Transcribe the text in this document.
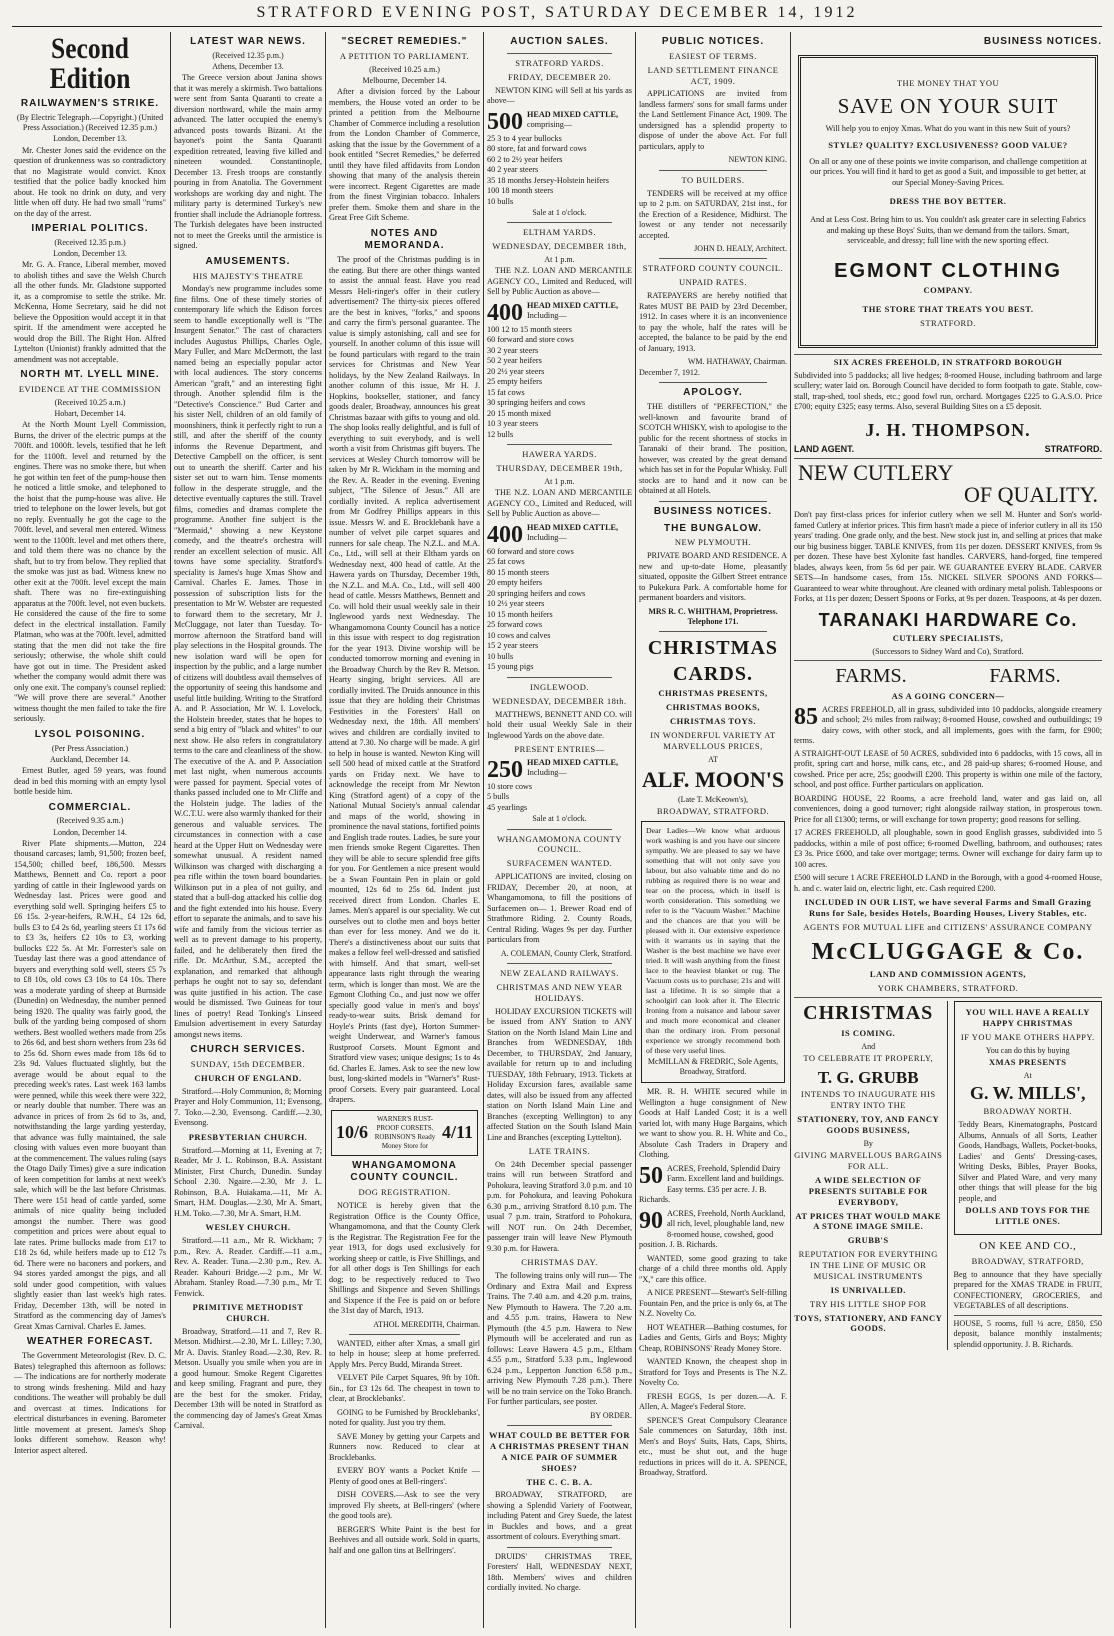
STRATFORD EVENING POST, SATURDAY DECEMBER 14, 1912
Second Edition
RAILWAYMEN'S STRIKE.
(By Electric Telegraph.—Copyright.) (United Press Association.) (Received 12.35 p.m.)
London, December 13.

Mr. Chester Jones said the evidence on the question of drunkenness was so contradictory that no Magistrate would convict. Knox testified that the police badly knocked him about. He took no drink on duty, and very little when off duty. He had two small "rums" on the day of the arrest.

IMPERIAL POLITICS.
(Received 12.35 p.m.)
London, December 13.

Mr. G. A. France, Liberal member, moved to abolish tithes and save the Welsh Church all the other funds. Mr. Gladstone supported it, as a compromise to settle the strike. Mr. McKenna, Home Secretary, said he did not believe the Opposition would accept it in that spirit. If the amendment were accepted he would drop the Bill. The Right Hon. Alfred Lyttelton (Unionist) frankly admitted that the amendment was not acceptable.

NORTH MT. LYELL MINE.
EVIDENCE AT THE COMMISSION
(Received 10.25 a.m.)
Hobart, December 14.

At the North Mount Lyell Commission, Burns, the driver of the electric pumps at the 700ft. and 1000ft. levels, testified that he left for the 1100ft. level and returned by the engines. There was no smoke there, but when he got within ten feet of the pump-house then he noticed a little smoke, and telephoned to the hoist that the pump-house was alive. He tried to telephone on the lower levels, but got no reply. Eventually he got the cage to the 700ft. level, and several men entered. Witness went to the 1100ft. level and met others there, and told them there was no chance by the shaft, but to try from below. They replied that the smoke was just as bad. Witness knew no other exit at the 700ft. level except the main shaft. There was no fire-extinguishing apparatus at the 700ft. level, not even buckets. He considered the cause of the fire to some defect in the electrical installation. Family Platman, who was at the 700ft. level, admitted stating that the men did not take the fire seriously; otherwise, the whole shift could have got out in time. The President asked whether the company would admit there was only one exit. The company's counsel replied: "We will prove there are several." Another witness thought the men failed to take the fire seriously.

LYSOL POISONING.
(Per Press Association.)
Auckland, December 14.

Ernest Butler, aged 59 years, was found dead in bed this morning with an empty lysol bottle beside him.

COMMERCIAL.
(Received 9.35 a.m.)
London, December 14.

River Plate shipments.—Mutton, 224 thousand carcases; lamb, 91,500; frozen beef, 154,500; chilled beef, 186,500. Messrs Matthews, Bennett and Co. report a poor yarding of cattle in their Inglewood yards on Wednesday last. Prices were good and everything sold well. Springing heifers £5 to £6 15s. 2-year-heifers, R.W.H., £4 12s 6d, bulls £3 to £4 2s 6d, yearling steers £1 17s 6d to £3 3s, heifers £2 10s to £3, working bullocks £22 5s. At Mr. Forrester's sale on Tuesday last there was a good attendance of buyers and everything sold well, steers £5 7s to £8 10s, old cows £3 10s to £4 10s. There was a moderate yarding of sheep at Burnside (Dunedin) on Wednesday, the number penned being 1920. The quality was fairly good, the bulk of the yarding being composed of shorn wethers. Best woolled wethers made from 25s to 26s 6d, and best shorn wethers from 23s 6d to 25s 6d. Shorn ewes made from 18s 6d to 23s 9d. Values fluctuated slightly, but the average would be about equal to the preceding week's rates. Last week 163 lambs were penned, while this week there were 322, or nearly double that number. There was an advance in prices of from 2s 6d to 3s, and, notwithstanding the large yarding yesterday, that advance was fully maintained, the sale closing with values even more buoyant than at the commencement. The values ruling (says the Otago Daily Times) give a sure indication of keen competition for lambs at next week's sale, which will be the last before Christmas. There were 151 head of cattle yarded, some animals of nice quality being included amongst the number. There was good competition and prices were about equal to late rates. Prime bullocks made from £17 to £18 2s 6d, while heifers made up to £12 7s 6d. There were no baconers and porkers, and 94 stores yarded amongst the pigs, and all sold under good competition, with values slightly easier than last week's high rates. Friday, December 13th, will be noted in Stratford as the commencing day of James's Great Xmas Carnival. Charles E. James.

WEATHER FORECAST.

The Government Meteorologist (Rev. D. C. Bates) telegraphed this afternoon as follows:— The indications are for northerly moderate to strong winds freshening. Mild and hazy conditions. The weather will probably be dull and overcast at times. Indications for electrical disturbances in evening. Barometer little movement at present. James's Shop looks different somehow. Reason why! Interior aspect altered.

LATEST WAR NEWS.
(Received 12.35 p.m.)
Athens, December 13.

The Greece version about Janina shows that it was merely a skirmish. Two battalions were sent from Santa Quaranti to create a diversion northward, while the main army advanced. The latter occupied the enemy's advanced posts towards Bizani. At the bayonet's point the Santa Quaranti expedition retreated, leaving five killed and nineteen wounded. Constantinople, December 13. Fresh troops are constantly pouring in from Anatolia. The Government workshops are working day and night. The military party is determined Turkey's new frontier shall include the Adrianople fortress. The Turkish delegates have been instructed not to meet the Greeks until the armistice is signed.

AMUSEMENTS.
HIS MAJESTY'S THEATRE

Monday's new programme includes some fine films. One of these timely stories of contemporary life which the Edison forces seem to handle exceptionally well is "The Insurgent Senator." The cast of characters includes Augustus Phillips, Charles Ogle, Mary Fuller, and Marc McDermott, the last named being an especially popular actor with local audiences. The story concerns American "graft," and an interesting fight through. Another splendid film is the "Detective's Conscience." Bud Carter and his sister Nell, children of an old family of moonshiners, think it perfectly right to run a still, and after the sheriff of the county informs the Revenue Department, and Detective Campbell on the officer, is sent out to unearth the sheriff. Carter and his sister set out to warn him. Tense moments follow in the desperate struggle, and the detective eventually captures the still. Travel films, comedies and dramas complete the programme. Another fine subject is the "Mermaid," showing a new Keystone comedy, and the theatre's orchestra will render an excellent selection of music. All towns have some speciality. Stratford's speciality is James's huge Xmas Show and Carnival. Charles E. James. Those in possession of subscription lists for the presentation to Mr W. Webster are requested to forward them to the secretary, Mr J. McCluggage, not later than Tuesday. To-morrow afternoon the Stratford band will play selections in the Hospital grounds. The new isolation ward will be open for inspection by the public, and a large number of citizens will doubtless avail themselves of the opportunity of seeing this handsome and useful little building. Writing to the Stratford A. and P. Association, Mr W. I. Lovelock, the Holstein breeder, states that he hopes to send a big entry of "black and whites" to our next show. He also refers in congratulatory terms to the care and cleanliness of the show. The executive of the A. and P. Association met last night, when numerous accounts were passed for payment. Special votes of thanks passed included one to Mr Cliffe and the Holstein judge. The ladies of the W.C.T.U. were also warmly thanked for their generous and valuable services. The circumstances in connection with a case heard at the Upper Hutt on Wednesday were somewhat unusual. A resident named Wilkinson was charged with discharging a pea rifle within the town board boundaries. Wilkinson put in a plea of not guilty, and stated that a bull-dog attacked his collie dog and the fight extended into his house. Every effort to separate the animals, and to save his wife and family from the vicious terrier as well as to prevent damage to his property, failed, and he deliberately then fired the rifle. Dr. McArthur, S.M., accepted the explanation, and remarked that although perhaps he ought not to say so, defendant was quite justified in his action. The case would be dismissed. Two Guineas for tour lines of poetry! Read Tonking's Linseed Emulsion advertisement in every Saturday amongst news items.

CHURCH SERVICES.
SUNDAY, 15th DECEMBER.
CHURCH OF ENGLAND.

Stratford.—Holy Communion, 8; Morning Prayer and Holy Communion, 11; Evensong, 7. Toko.—2.30, Evensong. Cardiff.—2.30, Evensong.

PRESBYTERIAN CHURCH.

Stratford.—Morning at 11, Evening at 7; Reader, Mr J. L. Robinson, B.A. Assistant Minister, First Church, Dunedin. Sunday School 2.30. Ngaire.—2.30, Mr J. L. Robinson, B.A. Huiakama.—11, Mr A. Smart, H.M. Douglas.—2.30, Mr A. Smart, H.M. Toko.—7.30, Mr A. Smart, H.M.

WESLEY CHURCH.

Stratford.—11 a.m., Mr R. Wickham; 7 p.m., Rev. A. Reader. Cardiff.—11 a.m., Rev. A. Reader. Tuna.—2.30 p.m., Rev. A. Reader. Kahouri Bridge.—2 p.m., Mr W. Abraham. Stanley Road.—7.30 p.m., Mr T. Fenwick.

PRIMITIVE METHODIST CHURCH.

Broadway, Stratford.—11 and 7, Rev R. Metson. Midhirst.—2.30, Mr L. Lilley; 7.30, Mr A. Davis. Stanley Road.—2.30, Rev. R. Metson. Usually you smile when you are in a good humour. Smoke Regent Cigarettes and keep smiling. Fragrant and pure, they are the best for the smoker. Friday, December 13th will be noted in Stratford as the commencing day of James's Great Xmas Carnival.

"SECRET REMEDIES."
A PETITION TO PARLIAMENT.
(Received 10.25 a.m.)
Melbourne, December 14.

After a division forced by the Labour members, the House voted an order to be printed a petition from the Melbourne Chamber of Commerce including a resolution from the London Chamber of Commerce, asking that the issue by the Government of a book entitled "Secret Remedies," be deferred until they have filed affidavits from London showing that many of the analysis therein were incorrect. Regent Cigarettes are made from the finest Virginian tobacco. Inhalers prefer them. Smoke them and share in the Great Free Gift Scheme.

NOTES AND MEMORANDA.

The proof of the Christmas pudding is in the eating. But there are other things wanted to assist the annual feast. Have you read Messrs Heli-ringer's offer in their cutlery advertisement? The thirty-six pieces offered are the best in knives, "forks," and spoons and carry the firm's personal guarantee. The value is simply astonishing, call and see for yourself. In another column of this issue will be found particulars with regard to the train services for Christmas and New Year holidays, by the New Zealand Railways. In another column of this issue, Mr H. J. Hopkins, bookseller, stationer, and fancy goods dealer, Broadway, announces his great Christmas bazaar with gifts to young and old. The shop looks really delightful, and is full of everything to suit everybody, and is well worth a visit from Christmas gift buyers. The services at Wesley Church tomorrow will be taken by Mr R. Wickham in the morning and the Rev. A. Reader in the evening. Evening subject, "The Silence of Jesus." All are cordially invited. A replica advertisement from Mr Godfrey Phillips appears in this issue. Messrs W. and E. Brocklebank have a number of velvet pile carpet squares and runners for sale cheap. The N.Z.L. and M.A. Co., Ltd., will sell at their Eltham yards on Wednesday next, 400 head of cattle. At the Hawera yards on Thursday, December 19th, the N.Z.L. and M.A. Co., Ltd., will sell 400 head of cattle. Messrs Matthews, Bennett and Co. will hold their usual weekly sale in their Inglewood yards next Wednesday. The Whangamomona County Council has a notice in this issue with respect to dog registration for the year 1913. Divine worship will be conducted tomorrow morning and evening in the Broadway Church by the Rev R. Metson. Hearty singing, bright services. All are cordially invited. The Druids announce in this issue that they are holding their Christmas Festivities in the Foresters' Hall on Wednesday next, the 18th. All members' wives and children are cordially invited to attend at 7.30. No charge will be made. A girl to help in house is wanted. Newton King will sell 500 head of mixed cattle at the Stratford yards on Friday next. We have to acknowledge the receipt from Mr Newton King (Stratford agent) of a copy of the National Mutual Society's annual calendar and maps of the world, showing in prominence the naval stations, fortified points and English trade routes. Ladies, be sure your men friends smoke Regent Cigarettes. Then they will be able to secure splendid free gifts for you. For Gentlemen a nice present would be a Swan Fountain Pen in plain or gold mounted, 12s 6d to 25s 6d. Indent just received direct from London. Charles E. James. Men's apparel is our speciality. We cut ourselves out to clothe men and boys better than ever for less money. And we do it. There's a distinctiveness about our suits that makes a fellow feel well-dressed and satisfied with himself. And that smart, well-set appearance lasts right through the wearing term, which is longer than most. We are the Egmont Clothing Co., and just now we offer specially good value in men's and boys' ready-to-wear suits. Brisk demand for Hoyle's Prints (fast dye), Horton Summer-weight Underwear, and Warner's famous Rustproof Corsets. Mount Egmont and Stratford view vases; unique designs; 1s to 4s 6d. Charles E. James. Ask to see the new low bust, long-skirted models in "Warner's" Rust-proof Corsets. Every pair guaranteed. Local drapers.

10/6
WARNER'S RUST-PROOF CORSETS. ROBINSON'S Ready Money Store for
4/11
WHANGAMOMONA COUNTY COUNCIL.
DOG REGISTRATION.

NOTICE is hereby given that the Registration Office is the County Office, Whangamomona, and that the County Clerk is the Registrar. The Registration Fee for the year 1913, for dogs used exclusively for working sheep or cattle, is Five Shillings, and for all other dogs is Ten Shillings for each dog; to be respectively reduced to Two Shillings and Sixpence and Seven Shillings and Sixpence if the Fee is paid on or before the 31st day of March, 1913.

ATHOL MEREDITH, Chairman.

WANTED, either after Xmas, a small girl to help in house; sleep at home preferred. Apply Mrs. Percy Budd, Miranda Street.

VELVET Pile Carpet Squares, 9ft by 10ft. 6in., for £3 12s 6d. The cheapest in town to clear, at Brocklebanks'.

GOING to be Furnished by Brocklebanks', noted for quality. Just you try them.

SAVE Money by getting your Carpets and Runners now. Reduced to clear at Brocklebanks.

EVERY BOY wants a Pocket Knife — Plenty of good ones at Bell-ringers'.

DISH COVERS.—Ask to see the very improved Fly sheets, at Bell-ringers' (where the good tools are).

BERGER'S White Paint is the best for Beehives and all outside work. Sold in quarts, half and one gallon tins at Bellringers'.

AUCTION SALES.
STRATFORD YARDS.
FRIDAY, DECEMBER 20.

NEWTON KING will Sell at his yards as above—

500 HEAD MIXED CATTLE,
comprising—
25 3 to 4 year bullocks
80 store, fat and forward cows
60 2 to 2½ year heifers
40 2 year steers
35 18 months Jersey-Holstein heifers
100 18 month steers
10 bulls
Sale at 1 o'clock.
ELTHAM YARDS.
WEDNESDAY, DECEMBER 18th,
At 1 p.m.

THE N.Z. LOAN AND MERCANTILE AGENCY CO., Limited and Reduced, will Sell by Public Auction as above—

400 HEAD MIXED CATTLE,
Including—
100 12 to 15 month steers
60 forward and store cows
30 2 year steers
50 2 year heifers
20 2½ year steers
25 empty heifers
15 fat cows
30 springing heifers and cows
20 15 month mixed
10 3 year steers
12 bulls
HAWERA YARDS.
THURSDAY, DECEMBER 19th,
At 1 p.m.

THE N.Z. LOAN AND MERCANTILE AGENCY CO., Limited and Reduced, will Sell by Public Auction as above—

400 HEAD MIXED CATTLE,
Including—
60 forward and store cows
25 fat cows
80 15 month steers
20 empty heifers
20 springing heifers and cows
10 2½ year steers
10 15 month heifers
25 forward cows
10 cows and calves
15 2 year steers
10 bulls
15 young pigs
INGLEWOOD.
WEDNESDAY, DECEMBER 18th.

MATTHEWS, BENNETT AND CO. will hold their usual Weekly Sale in their Inglewood Yards on the above date.

PRESENT ENTRIES—
250 HEAD MIXED CATTLE,
Including—
10 store cows
5 bulls
45 yearlings
Sale at 1 o'clock.
WHANGAMOMONA COUNTY COUNCIL.
SURFACEMEN WANTED.

APPLICATIONS are invited, closing on FRIDAY, December 20, at noon, at Whangamomona, to fill the positions of Surfacemen on— 1. Brewer Road end of Strathmore Riding. 2. County Roads, Central Riding. Wages 9s per day. Further particulars from

A. COLEMAN, County Clerk, Stratford.
NEW ZEALAND RAILWAYS.
CHRISTMAS AND NEW YEAR HOLIDAYS.

HOLIDAY EXCURSION TICKETS will be issued from ANY Station to ANY Station on the North Island Main Line and Branches from WEDNESDAY, 18th December, to THURSDAY, 2nd January, available for return up to and including TUESDAY, 18th February, 1913. Tickets at Holiday Excursion fares, available same dates, will also be issued from any affected station on North Island Main Line and Branches (excepting Wellington) to any affected Station on the South Island Main Line and Branches (excepting Lyttelton).

LATE TRAINS.

On 24th December special passenger trains will run between Stratford and Pohokura, leaving Stratford 3.0 p.m. and 10 p.m. for Pohokura, and leaving Pohokura 6.30 p.m., arriving Stratford 8.10 p.m. The usual 7 p.m. train, Stratford to Pohokura, will NOT run. On 24th December, passenger train will leave New Plymouth 9.30 p.m. for Hawera.

CHRISTMAS DAY.

The following trains only will run— The Ordinary and Extra Mail and Express Trains. The 7.40 a.m. and 4.20 p.m. trains, New Plymouth to Hawera. The 7.20 a.m. and 4.55 p.m. trains, Hawera to New Plymouth (the 4.5 p.m. Hawera to New Plymouth will be accelerated and run as follows: Leave Hawera 4.5 p.m., Eltham 4.55 p.m., Stratford 5.33 p.m., Inglewood 6.24 p.m., Lepperton Junction 6.58 p.m., arriving New Plymouth 7.28 p.m.). There will be no train service on the Toko Branch. For further particulars, see poster.

BY ORDER.
WHAT COULD BE BETTER FOR A CHRISTMAS PRESENT THAN A NICE PAIR OF SUMMER SHOES?
THE C. C. B. A.

BROADWAY, STRATFORD, are showing a Splendid Variety of Footwear, including Patent and Grey Suede, the latest in Buckles and bows, and a great assortment of colours. Everything smart.

DRUIDS' CHRISTMAS TREE, Foresters' Hall, WEDNESDAY NEXT, 18th. Members' wives and children cordially invited. No charge.

PUBLIC NOTICES.
EASIEST OF TERMS.
LAND SETTLEMENT FINANCE ACT, 1909.

APPLICATIONS are invited from landless farmers' sons for small farms under the Land Settlement Finance Act, 1909. The undersigned has a splendid property to dispose of under the above Act. For full particulars, apply to

NEWTON KING.
TO BUILDERS.

TENDERS will be received at my office up to 2 p.m. on SATURDAY, 21st inst., for the Erection of a Residence, Midhirst. The lowest or any tender not necessarily accepted.

JOHN D. HEALY, Architect.
STRATFORD COUNTY COUNCIL.
UNPAID RATES.

RATEPAYERS are hereby notified that Rates MUST BE PAID by 23rd December, 1912. In cases where it is an inconvenience to pay the whole, half the rates will be accepted, the balance to be paid by the end of January, 1913.

WM. HATHAWAY, Chairman.
December 7, 1912.
APOLOGY.

THE distillers of "PERFECTION," the well-known and favourite brand of SCOTCH WHISKY, wish to apologise to the public for the recent shortness of stocks in Taranaki of their brand. The position, however, was created by the great demand which has set in for the Popular Whisky. Full stocks are to hand and it now can be obtained at all Hotels.

BUSINESS NOTICES.
THE BUNGALOW.
NEW PLYMOUTH.

PRIVATE BOARD AND RESIDENCE. A new and up-to-date Home, pleasantly situated, opposite the Gilbert Street entrance to Pukekura Park. A comfortable home for permanent boarders and visitors.

MRS R. C. WHITHAM, Proprietress. Telephone 171.
CHRISTMAS CARDS.
CHRISTMAS PRESENTS,
CHRISTMAS BOOKS,
CHRISTMAS TOYS.
IN WONDERFUL VARIETY AT MARVELLOUS PRICES,
AT
ALF. MOON'S
(Late T. McKeown's),
BROADWAY, STRATFORD.
Dear Ladies—We know what arduous work washing is and you have our sincere sympathy. We are pleased to say we have something that will not only save you labour, but also valuable time and do no rubbing as required there is no wear and tear on the process, which in itself is worth consideration. This something we refer to is the "Vacuum Washer." Machine and the chances are that you will be pleased with it. Our extensive experience with it warrants us in saying that the Washer is the best machine we have ever tried. It will wash anything from the finest lace to the heaviest blanket or rug. The Vacuum costs us to purchase; 21s and will last a lifetime. It is so simple that a schoolgirl can look after it. The Electric Ironing from a nuisance and labour saver and much more economical and cleaner than the ordinary iron. From personal experience we strongly recommend both of these very useful lines.
McMILLAN & FREDRIC, Sole Agents, Broadway, Stratford.

MR. R. H. WHITE secured while in Wellington a huge consignment of New Goods at Half Landed Cost; it is a well varied lot, with many Huge Bargains, which we want to show you. R. H. White and Co., Absolute Cash Traders in Drapery and Clothing.

50 ACRES, Freehold, Splendid Dairy Farm. Excellent land and buildings. Easy terms. £35 per acre. J. B. Richards.
90 ACRES, Freehold, North Auckland, all rich, level, ploughable land, new 8-roomed house, cowshed, good position. J. B. Richards.

WANTED, some good grazing to take charge of a child three months old. Apply "X," care this office.

A NICE PRESENT—Stewart's Self-filling Fountain Pen, and the price is only 6s, at The N.Z. Novelty Co.

HOT WEATHER—Bathing costumes, for Ladies and Gents, Girls and Boys; Mighty Cheap, ROBINSONS' Ready Money Store.

WANTED Known, the cheapest shop in Stratford for Toys and Presents is The N.Z. Novelty Co.

FRESH EGGS, 1s per dozen.—A. F. Allen, A. Magee's Federal Store.

SPENCE'S Great Compulsory Clearance Sale commences on Saturday, 18th inst. Men's and Boys' Suits, Hats, Caps, Shirts, etc., must be shut out, and the huge reductions in prices will do it. A. SPENCE, Broadway, Stratford.

BUSINESS NOTICES.
THE MONEY THAT YOU
SAVE ON YOUR SUIT
Will help you to enjoy Xmas. What do you want in this new Suit of yours?
STYLE? QUALITY? EXCLUSIVENESS? GOOD VALUE?
On all or any one of these points we invite comparison, and challenge competition at our prices. You will find it hard to get as good a Suit, and impossible to get better, at our Special Money-Saving Prices.
DRESS THE BOY BETTER.
And at Less Cost. Bring him to us. You couldn't ask greater care in selecting Fabrics and making up these Boys' Suits, than we demand from the tailors. Smart, serviceable, and dressy; full line with the new sporting effect.
EGMONT CLOTHING
COMPANY.
THE STORE THAT TREATS YOU BEST.
STRATFORD.
SIX ACRES FREEHOLD, IN STRATFORD BOROUGH
Subdivided into 5 paddocks; all live hedges; 8-roomed House, including bathroom and large scullery; water laid on. Borough Council have decided to form footpath to gate. Stable, cow-stall, trap-shed, tool sheds, etc.; good fowl run, orchard. Mortgages £225 to G.A.S.O. Price £700; equity £325; easy terms. Also, several Building Sites on a £5 deposit.
J. H. THOMPSON.
LAND AGENT.	STRATFORD.
NEW CUTLERY
OF QUALITY.
Don't pay first-class prices for inferior cutlery when we sell M. Hunter and Son's world-famed Cutlery at inferior prices. This firm hasn't made a piece of inferior cutlery in all its 150 years' trading. One grade only, and the best. New stock just in, and selling at prices that make our big business bigger. TABLE KNIVES, from 11s per dozen. DESSERT KNIVES, from 9s per dozen. These have best Xylonite fast handles. CARVERS, hand-forged, fine tempered blades, always keen, from 5s 6d per pair. WE GUARANTEE EVERY BLADE. CARVER SETS—In handsome cases, from 15s. NICKEL SILVER SPOONS AND FORKS—Guaranteed to wear white throughout. Are cleaned with ordinary metal polish. Tablespoons or Forks, at 11s per dozen; Dessert Spoons or Forks, at 9s per dozen. Teaspoons, at 4s per dozen.
TARANAKI HARDWARE Co.
CUTLERY SPECIALISTS,
(Successors to Sidney Ward and Co), Stratford.
FARMS.	FARMS.
AS A GOING CONCERN—
85 ACRES FREEHOLD, all in grass, subdivided into 10 paddocks, alongside creamery and school; 2½ miles from railway; 8-roomed House, cowshed and outbuildings; 19 dairy cows, with other stock, and all implements, goes with the farm, for £900; terms.

A STRAIGHT-OUT LEASE of 50 ACRES, subdivided into 6 paddocks, with 15 cows, all in profit, spring cart and horse, milk cans, etc., and 28 paid-up shares; 6-roomed House, and cowshed. Price per acre, 25s; goodwill £200. This property is within one mile of the factory, school, and post office. Further particulars on application.

BOARDING HOUSE, 22 Rooms, a acre freehold land, water and gas laid on, all conveniences, doing a good turnover; right alongside railway station, in prosperous town. Price for all £1300; terms, or will exchange for town property; good reasons for selling.

17 ACRES FREEHOLD, all ploughable, sown in good English grasses, subdivided into 5 paddocks, within a mile of post office; 6-roomed Dwelling, bathroom, and outhouses; rates £3 3s. Price £600, and take over mortgage; terms. Owner will exchange for dairy farm up to 100 acres.

£500 will secure 1 ACRE FREEHOLD LAND in the Borough, with a good 4-roomed House, h. and c. water laid on, electric light, etc. Cash required £200.

INCLUDED IN OUR LIST, we have several Farms and Small Grazing Runs for Sale, besides Hotels, Boarding Houses, Livery Stables, etc.
AGENTS FOR MUTUAL LIFE and CITIZENS' ASSURANCE COMPANY
McCLUGGAGE & Co.
LAND AND COMMISSION AGENTS,
YORK CHAMBERS, STRATFORD.
CHRISTMAS
IS COMING.
And
TO CELEBRATE IT PROPERLY,
T. G. GRUBB
INTENDS TO INAUGURATE HIS ENTRY INTO THE
STATIONERY, TOY, AND FANCY GOODS BUSINESS,
By
GIVING MARVELLOUS BARGAINS FOR ALL.
A WIDE SELECTION OF PRESENTS SUITABLE FOR EVERYBODY,
AT PRICES THAT WOULD MAKE A STONE IMAGE SMILE.
GRUBB'S
REPUTATION FOR EVERYTHING IN THE LINE OF MUSIC OR MUSICAL INSTRUMENTS
IS UNRIVALLED.
TRY HIS LITTLE SHOP FOR
TOYS, STATIONERY, AND FANCY GOODS.
YOU WILL HAVE A REALLY HAPPY CHRISTMAS
IF YOU MAKE OTHERS HAPPY.
You can do this by buying
XMAS PRESENTS
At
G. W. MILLS',
BROADWAY NORTH.
Teddy Bears, Kinematographs, Postcard Albums, Annuals of all Sorts, Leather Goods, Handbags, Wallets, Pocket-books, Ladies' and Gents' Dressing-cases, Writing Desks, Bibles, Prayer Books, Silver and Plated Ware, and very many other things that will please for the big people, and
DOLLS AND TOYS FOR THE LITTLE ONES.
ON KEE AND CO.,
BROADWAY, STRATFORD,
Beg to announce that they have specially prepared for the XMAS TRADE in FRUIT, CONFECTIONERY, GROCERIES, and VEGETABLES of all descriptions.
HOUSE, 5 rooms, full ¼ acre, £850, £50 deposit, balance monthly instalments; splendid opportunity. J. B. Richards.
